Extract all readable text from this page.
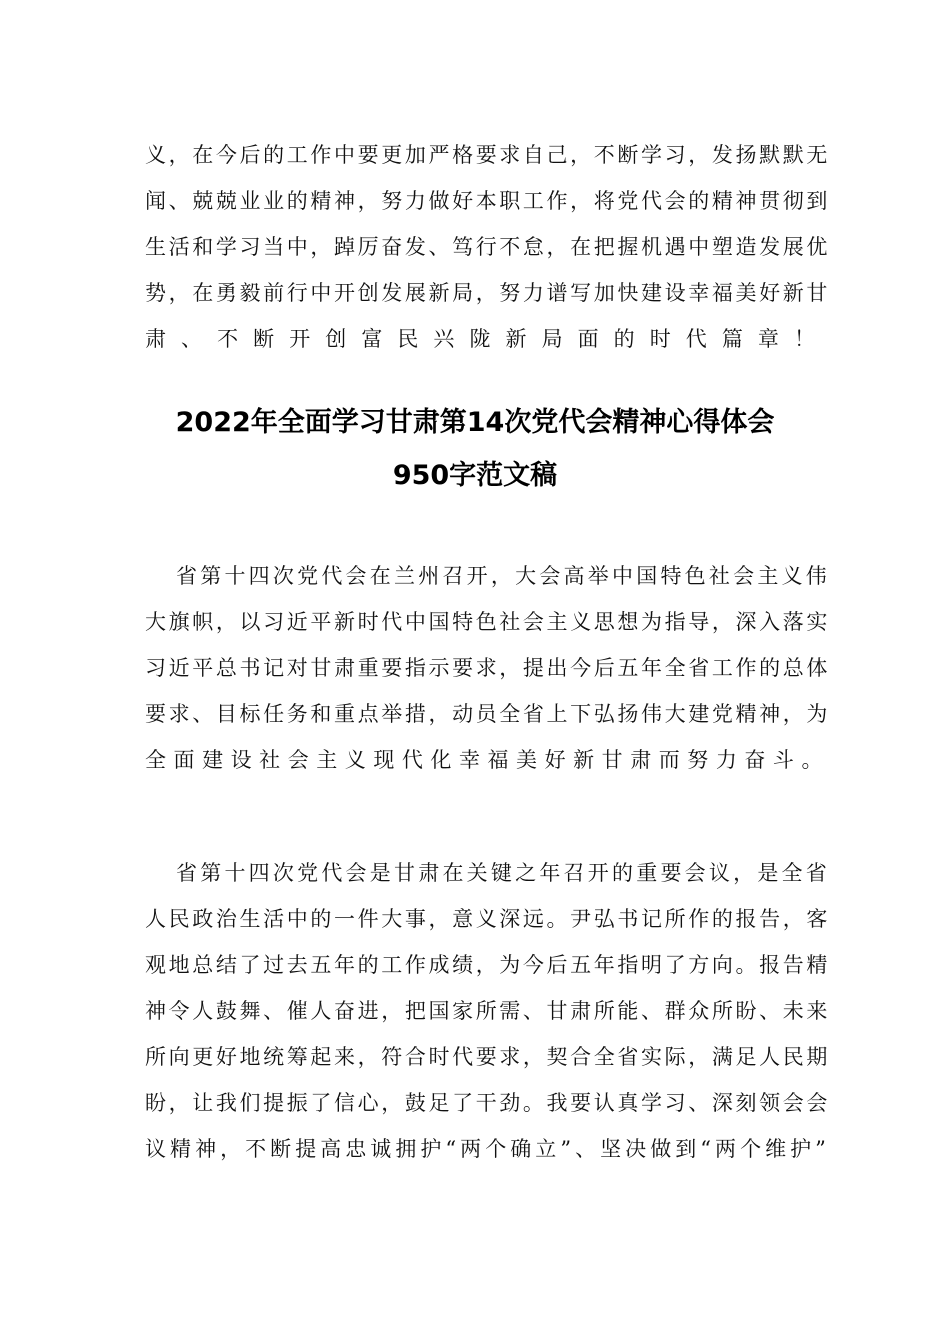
义，在今后的工作中要更加严格要求自己，不断学习，发扬默默无
闻、兢兢业业的精神，努力做好本职工作，将党代会的精神贯彻到
生活和学习当中，踔厉奋发、笃行不怠，在把握机遇中塑造发展优
势，在勇毅前行中开创发展新局，努力谱写加快建设幸福美好新甘
肃、不断开创富民兴陇新局面的时代篇章！
2022年全面学习甘肃第14次党代会精神心得体会
950字范文稿
省第十四次党代会在兰州召开，大会高举中国特色社会主义伟
大旗帜，以习近平新时代中国特色社会主义思想为指导，深入落实
习近平总书记对甘肃重要指示要求，提出今后五年全省工作的总体
要求、目标任务和重点举措，动员全省上下弘扬伟大建党精神，为
全面建设社会主义现代化幸福美好新甘肃而努力奋斗。
省第十四次党代会是甘肃在关键之年召开的重要会议，是全省
人民政治生活中的一件大事，意义深远。尹弘书记所作的报告，客
观地总结了过去五年的工作成绩，为今后五年指明了方向。报告精
神令人鼓舞、催人奋进，把国家所需、甘肃所能、群众所盼、未来
所向更好地统筹起来，符合时代要求，契合全省实际，满足人民期
盼，让我们提振了信心，鼓足了干劲。我要认真学习、深刻领会会
议精神，不断提高忠诚拥护“两个确立”、坚决做到“两个维护”
